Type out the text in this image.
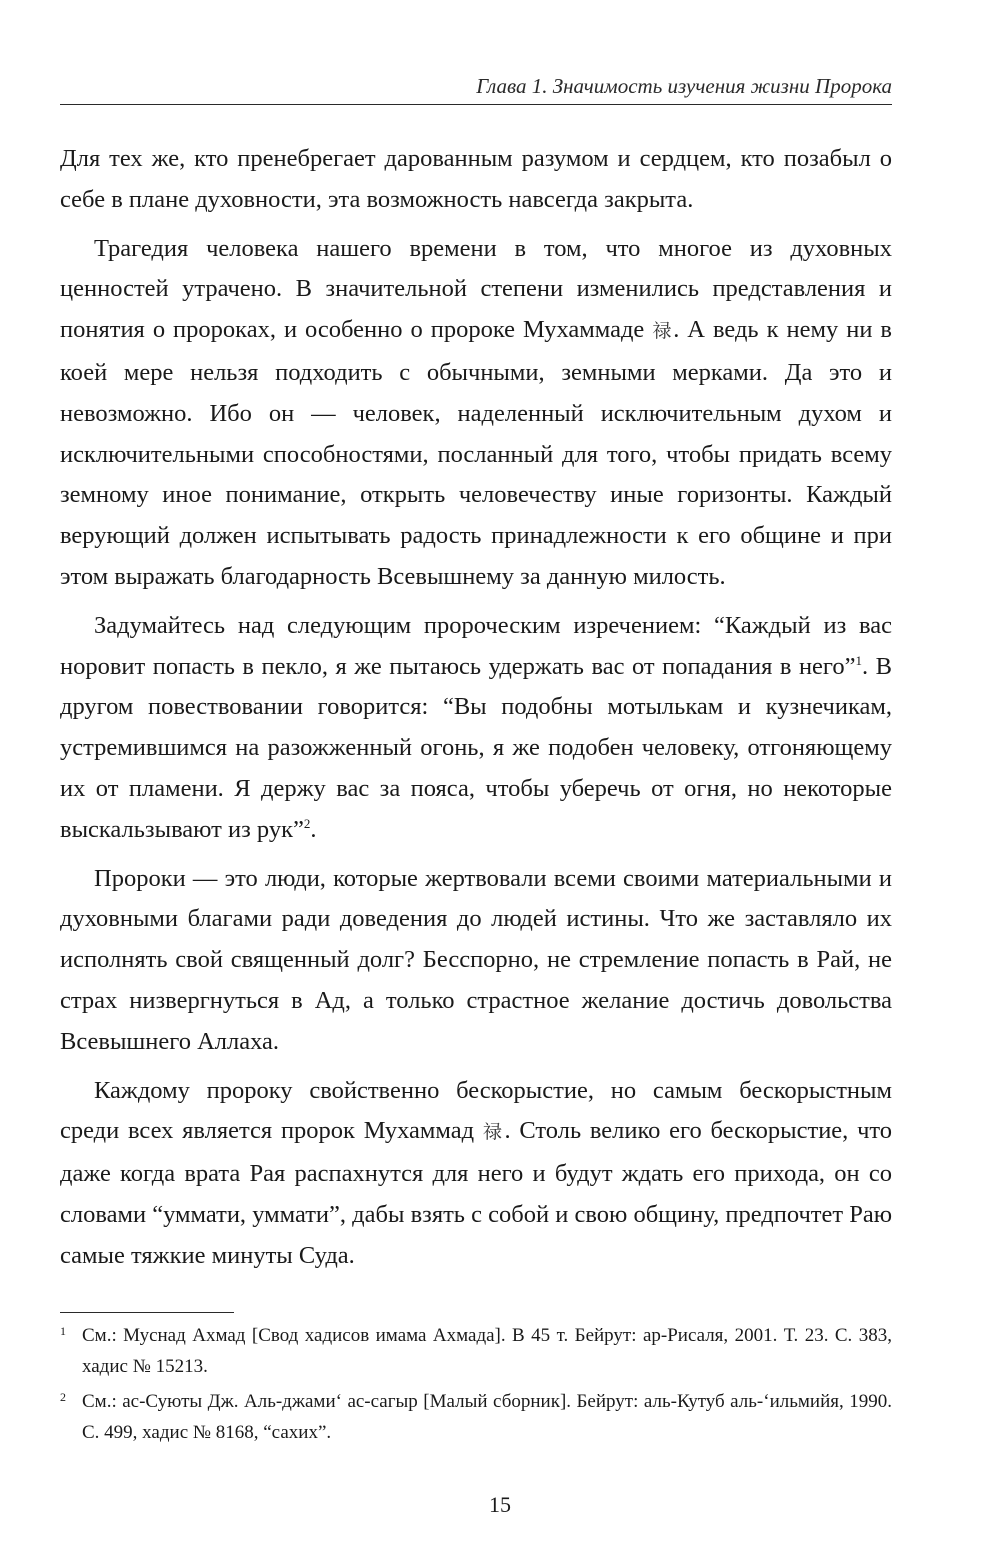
Глава 1. Значимость изучения жизни Пророка

Для тех же, кто пренебрегает дарованным разумом и сердцем, кто позабыл о себе в плане духовности, эта возможность навсегда закрыта.

Трагедия человека нашего времени в том, что многое из духовных ценностей утрачено. В значительной степени изменились представления и понятия о пророках, и особенно о пророке Мухаммаде 禄. А ведь к нему ни в коей мере нельзя подходить с обычными, земными мерками. Да это и невозможно. Ибо он — человек, наделенный исключительным духом и исключительными способностями, посланный для того, чтобы придать всему земному иное понимание, открыть человечеству иные горизонты. Каждый верующий должен испытывать радость принадлежности к его общине и при этом выражать благодарность Всевышнему за данную милость.

Задумайтесь над следующим пророческим изречением: “Каждый из вас норовит попасть в пекло, я же пытаюсь удержать вас от попадания в него”$^1$. В другом повествовании говорится: “Вы подобны мотылькам и кузнечикам, устремившимся на разожженный огонь, я же подобен человеку, отгоняющему их от пламени. Я держу вас за пояса, чтобы уберечь от огня, но некоторые выскальзывают из рук”$^2$.

Пророки — это люди, которые жертвовали всеми своими материальными и духовными благами ради доведения до людей истины. Что же заставляло их исполнять свой священный долг? Бесспорно, не стремление попасть в Рай, не страх низвергнуться в Ад, а только страстное желание достичь довольства Всевышнего Аллаха.

Каждому пророку свойственно бескорыстие, но самым бескорыстным среди всех является пророк Мухаммад 禄. Столь велико его бескорыстие, что даже когда врата Рая распахнутся для него и будут ждать его прихода, он со словами “уммати, уммати”, дабы взять с собой и свою общину, предпочтет Раю самые тяжкие минуты Суда.

1 См.: Муснад Ахмад [Свод хадисов имама Ахмада]. В 45 т. Бейрут: ар-Рисаля, 2001. Т. 23. С. 383, хадис № 15213.
2 См.: ас-Суюты Дж. Аль-джами‘ ас-сагыр [Малый сборник]. Бейрут: аль-Кутуб аль-‘ильмийя, 1990. С. 499, хадис № 8168, “сахих”.
15
